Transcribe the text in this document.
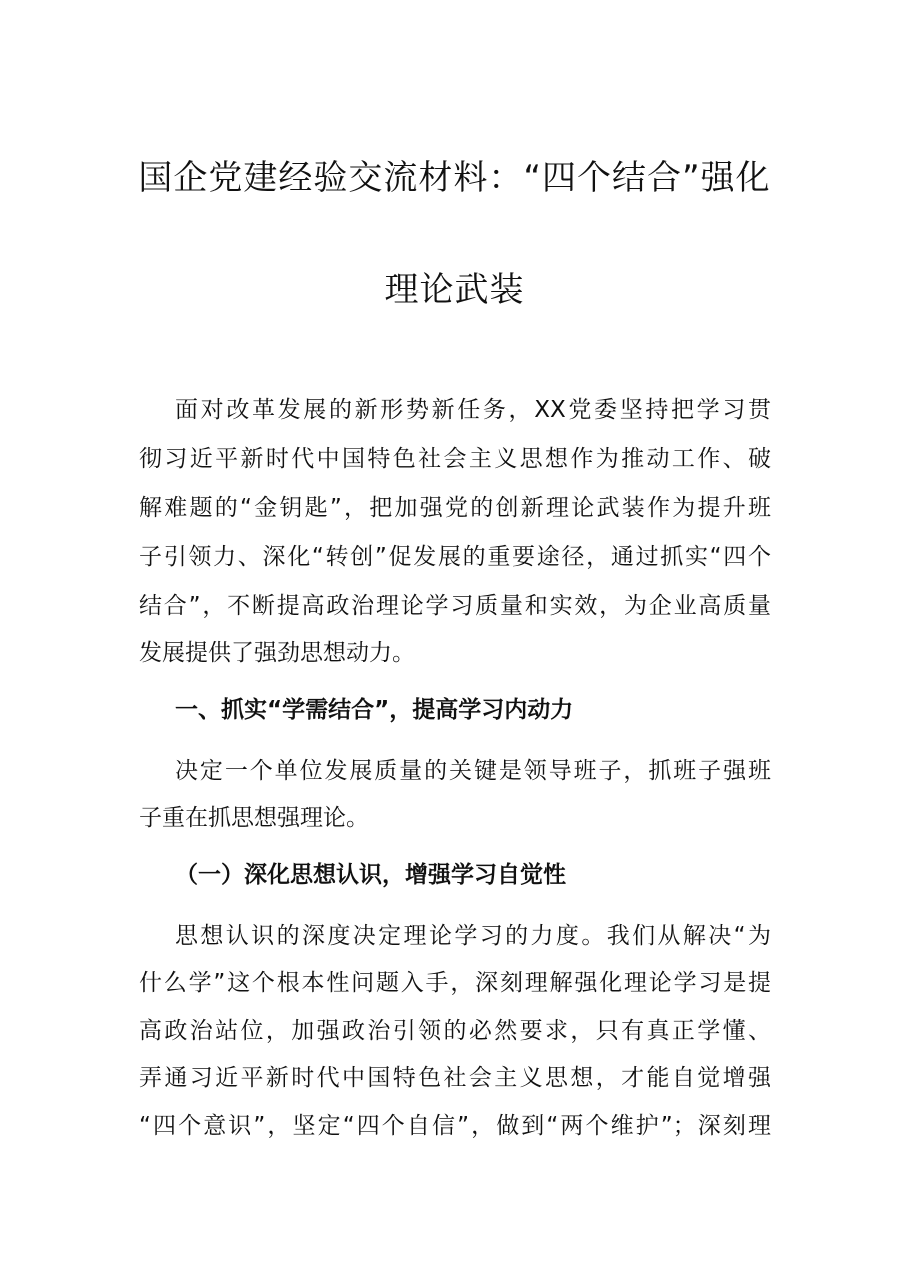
国企党建经验交流材料：“四个结合”强化
理论武装
面对改革发展的新形势新任务，XX党委坚持把学习贯
彻习近平新时代中国特色社会主义思想作为推动工作、破
解难题的“金钥匙”，把加强党的创新理论武装作为提升班
子引领力、深化“转创”促发展的重要途径，通过抓实“四个
结合”，不断提高政治理论学习质量和实效，为企业高质量
发展提供了强劲思想动力。
一、抓实“学需结合”，提高学习内动力
决定一个单位发展质量的关键是领导班子，抓班子强班
子重在抓思想强理论。
（一）深化思想认识，增强学习自觉性
思想认识的深度决定理论学习的力度。我们从解决“为
什么学”这个根本性问题入手，深刻理解强化理论学习是提
高政治站位，加强政治引领的必然要求，只有真正学懂、
弄通习近平新时代中国特色社会主义思想，才能自觉增强
“四个意识”，坚定“四个自信”，做到“两个维护”；深刻理
